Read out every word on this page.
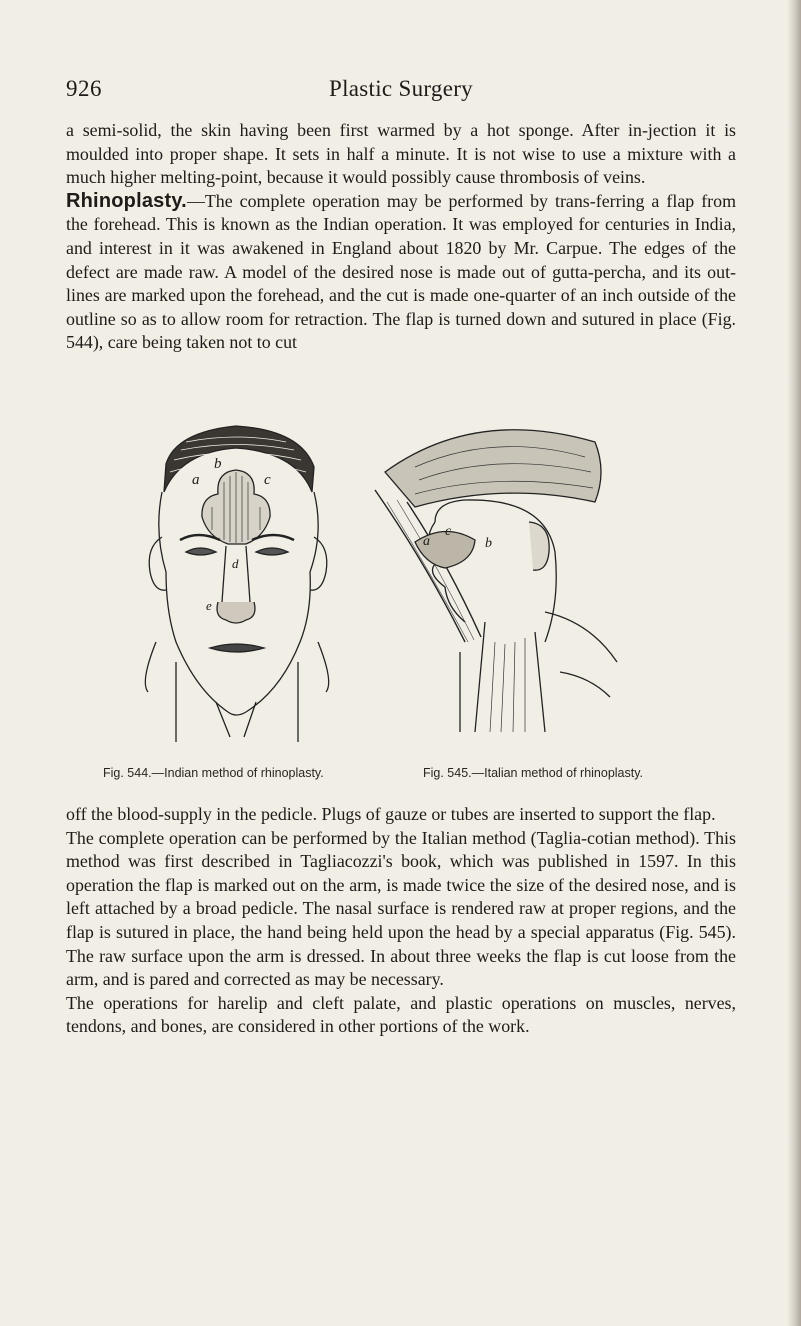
926	Plastic Surgery

a semi-solid, the skin having been first warmed by a hot sponge. After in-jection it is moulded into proper shape. It sets in half a minute. It is not wise to use a mixture with a much higher melting-point, because it would possibly cause thrombosis of veins.

Rhinoplasty.—The complete operation may be performed by trans-ferring a flap from the forehead. This is known as the Indian operation. It was employed for centuries in India, and interest in it was awakened in England about 1820 by Mr. Carpue. The edges of the defect are made raw. A model of the desired nose is made out of gutta-percha, and its out-lines are marked upon the forehead, and the cut is made one-quarter of an inch outside of the outline so as to allow room for retraction. The flap is turned down and sutured in place (Fig. 544), care being taken not to cut

b
a	c
d
e
c
a	b
Fig. 544.—Indian method of rhinoplasty.	Fig. 545.—Italian method of rhinoplasty.

off the blood-supply in the pedicle. Plugs of gauze or tubes are inserted to support the flap.

The complete operation can be performed by the Italian method (Taglia-cotian method). This method was first described in Tagliacozzi's book, which was published in 1597. In this operation the flap is marked out on the arm, is made twice the size of the desired nose, and is left attached by a broad pedicle. The nasal surface is rendered raw at proper regions, and the flap is sutured in place, the hand being held upon the head by a special apparatus (Fig. 545). The raw surface upon the arm is dressed. In about three weeks the flap is cut loose from the arm, and is pared and corrected as may be necessary.

The operations for harelip and cleft palate, and plastic operations on muscles, nerves, tendons, and bones, are considered in other portions of the work.
